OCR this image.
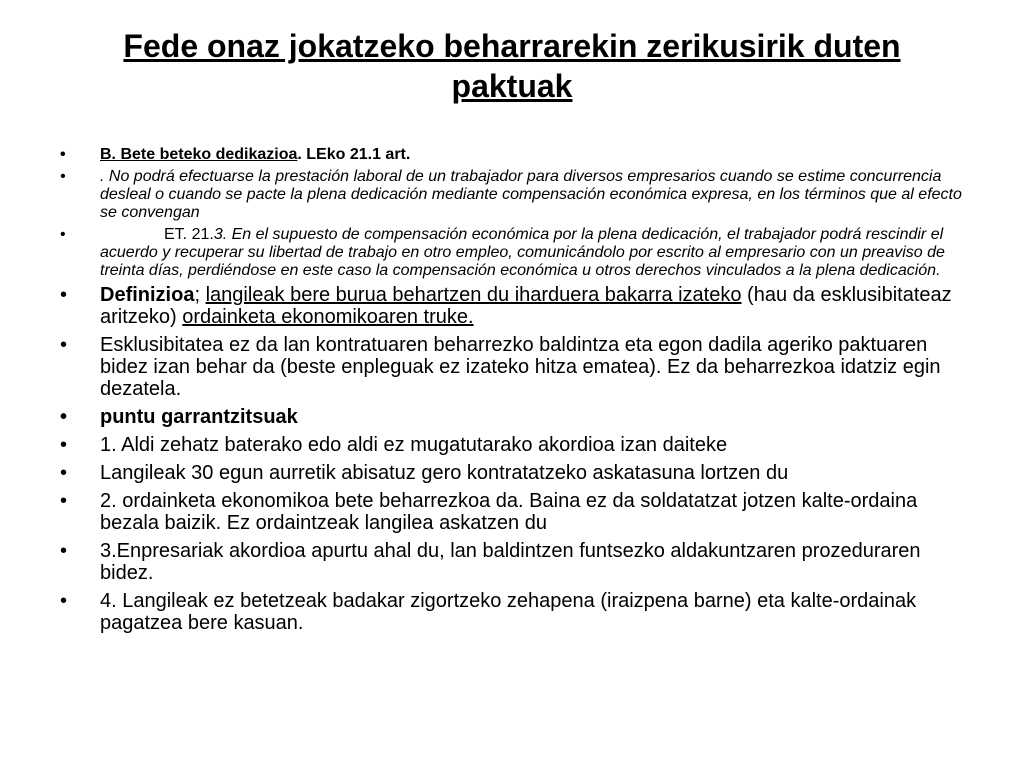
Fede onaz jokatzeko beharrarekin zerikusirik duten paktuak
• B. Bete beteko dedikazioa. LEko 21.1 art.
• . No podrá efectuarse la prestación laboral de un trabajador para diversos empresarios cuando se estime concurrencia desleal o cuando se pacte la plena dedicación mediante compensación económica expresa, en los términos que al efecto se convengan
•	ET. 21.3. En el supuesto de compensación económica por la plena dedicación, el trabajador podrá rescindir el acuerdo y recuperar su libertad de trabajo en otro empleo, comunicándolo por escrito al empresario con un preaviso de treinta días, perdiéndose en este caso la compensación económica u otros derechos vinculados a la plena dedicación.
• Definizioa; langileak bere burua behartzen du iharduera bakarra izateko (hau da esklusibitateaz aritzeko) ordainketa ekonomikoaren truke.
• Esklusibitatea ez da lan kontratuaren beharrezko baldintza eta egon dadila ageriko paktuaren bidez izan behar da (beste enpleguak ez izateko hitza ematea). Ez da beharrezkoa idatziz egin dezatela.
• puntu garrantzitsuak
• 1. Aldi zehatz baterako edo aldi ez mugatutarako akordioa izan daiteke
• Langileak 30 egun aurretik abisatuz gero kontratatzeko askatasuna lortzen du
• 2. ordainketa ekonomikoa bete beharrezkoa da. Baina ez da soldatatzat jotzen kalte-ordaina bezala baizik. Ez ordaintzeak langilea askatzen du
• 3.Enpresariak akordioa apurtu ahal du, lan baldintzen funtsezko aldakuntzaren prozeduraren bidez.
• 4. Langileak ez betetzeak badakar zigortzeko zehapena (iraizpena barne) eta kalte-ordainak pagatzea bere kasuan.
